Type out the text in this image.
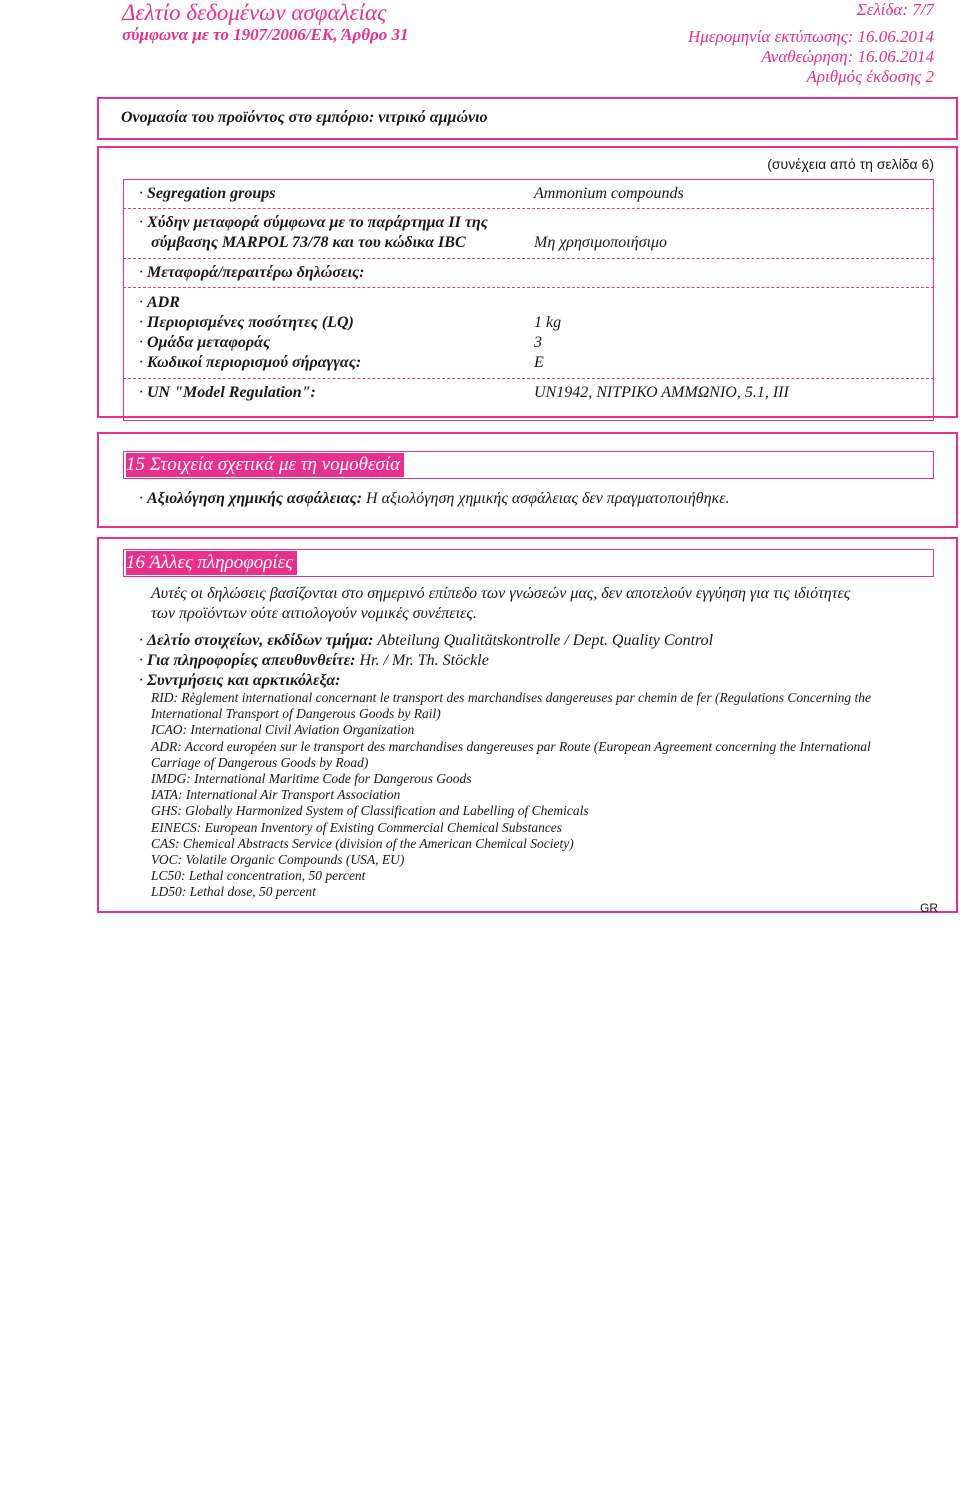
Δελτίο δεδομένων ασφαλείας
σύμφωνα με το 1907/2006/ΕΚ, Άρθρο 31
Σελίδα: 7/7
Ημερομηνία εκτύπωσης: 16.06.2014
Αναθεώρηση: 16.06.2014
Αριθμός έκδοσης 2
Ονομασία του προϊόντος στο εμπόριο: νιτρικό αμμώνιο
(συνέχεια από τη σελίδα 6)
· Segregation groups	Ammonium compounds
· Χύδην μεταφορά σύμφωνα με το παράρτημα II της
σύμβασης MARPOL 73/78 και του κώδικα IBC	Μη χρησιμοποιήσιμο
· Μεταφορά/περαιτέρω δηλώσεις:
· ADR
· Περιορισμένες ποσότητες (LQ)	1 kg
· Ομάδα μεταφοράς	3
· Κωδικοί περιορισμού σήραγγας:	E
· UN "Model Regulation":	UN1942, ΝΙΤΡΙΚΟ ΑΜΜΩΝΙΟ, 5.1, III
15 Στοιχεία σχετικά με τη νομοθεσία
· Αξιολόγηση χημικής ασφάλειας: Η αξιολόγηση χημικής ασφάλειας δεν πραγματοποιήθηκε.
16 Άλλες πληροφορίες
Αυτές οι δηλώσεις βασίζονται στο σημερινό επίπεδο των γνώσεών μας, δεν αποτελούν εγγύηση για τις ιδιότητες
των προϊόντων ούτε αιτιολογούν νομικές συνέπειες.
· Δελτίο στοιχείων, εκδίδων τμήμα: Abteilung Qualitätskontrolle / Dept. Quality Control
· Για πληροφορίες απευθυνθείτε: Hr. / Mr. Th. Stöckle
· Συντμήσεις και αρκτικόλεξα:
RID: Règlement international concernant le transport des marchandises dangereuses par chemin de fer (Regulations Concerning the
International Transport of Dangerous Goods by Rail)
ICAO: International Civil Aviation Organization
ADR: Accord européen sur le transport des marchandises dangereuses par Route (European Agreement concerning the International
Carriage of Dangerous Goods by Road)
IMDG: International Maritime Code for Dangerous Goods
IATA: International Air Transport Association
GHS: Globally Harmonized System of Classification and Labelling of Chemicals
EINECS: European Inventory of Existing Commercial Chemical Substances
CAS: Chemical Abstracts Service (division of the American Chemical Society)
VOC: Volatile Organic Compounds (USA, EU)
LC50: Lethal concentration, 50 percent
LD50: Lethal dose, 50 percent
GR
